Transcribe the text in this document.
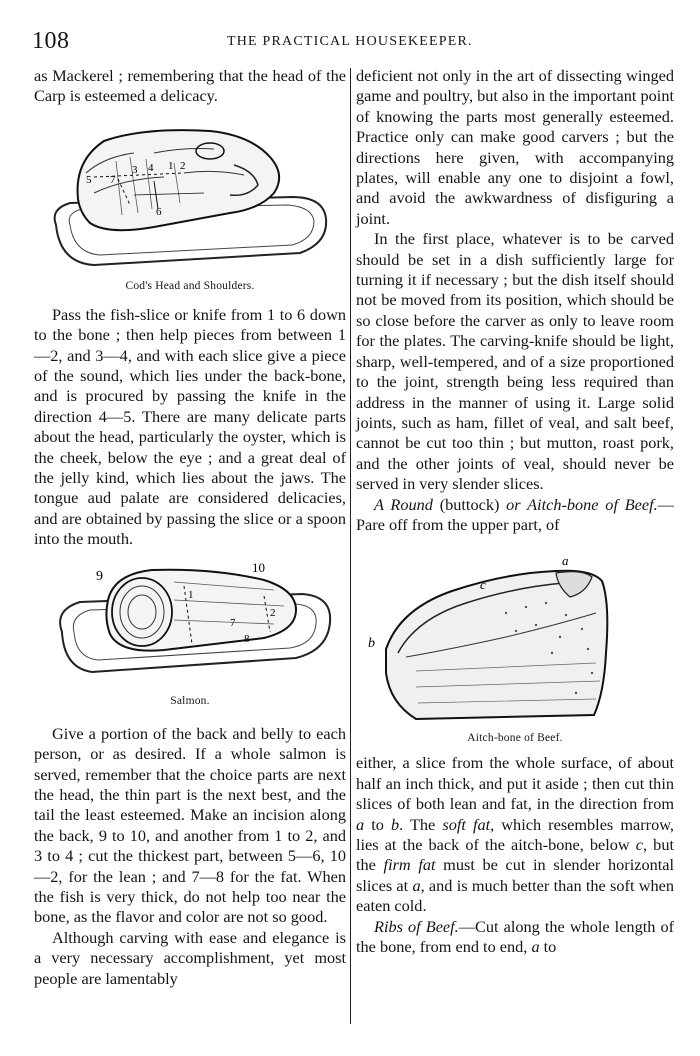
108	THE PRACTICAL HOUSEKEEPER.

as Mackerel ; remembering that the head of the Carp is esteemed a delicacy.

5 7
3 4 1 2
6
Cod's Head and Shoulders.

Pass the fish-slice or knife from 1 to 6 down to the bone ; then help pieces from between 1—2, and 3—4, and with each slice give a piece of the sound, which lies under the back-bone, and is procured by passing the knife in the direction 4—5. There are many delicate parts about the head, particularly the oyster, which is the cheek, below the eye ; and a great deal of the jelly kind, which lies about the jaws. The tongue aud palate are considered delicacies, and are obtained by passing the slice or a spoon into the mouth.

9
10
1
2
7
8
Salmon.

Give a portion of the back and belly to each person, or as desired. If a whole salmon is served, remember that the choice parts are next the head, the thin part is the next best, and the tail the least esteemed. Make an incision along the back, 9 to 10, and another from 1 to 2, and 3 to 4 ; cut the thickest part, between 5—6, 10—2, for the lean ; and 7—8 for the fat. When the fish is very thick, do not help too near the bone, as the flavor and color are not so good.

Although carving with ease and elegance is a very necessary accomplishment, yet most people are lamentably

deficient not only in the art of dissecting winged game and poultry, but also in the important point of knowing the parts most generally esteemed. Practice only can make good carvers ; but the directions here given, with accompanying plates, will enable any one to disjoint a fowl, and avoid the awkwardness of disfiguring a joint.

In the first place, whatever is to be carved should be set in a dish sufficiently large for turning it if necessary ; but the dish itself should not be moved from its position, which should be so close before the carver as only to leave room for the plates. The carving-knife should be light, sharp, well-tempered, and of a size proportioned to the joint, strength being less required than address in the manner of using it. Large solid joints, such as ham, fillet of veal, and salt beef, cannot be cut too thin ; but mutton, roast pork, and the other joints of veal, should never be served in very slender slices.

A Round (buttock) or Aitch-bone of Beef.—Pare off from the upper part, of

a
c
b
Aitch-bone of Beef.

either, a slice from the whole surface, of about half an inch thick, and put it aside ; then cut thin slices of both lean and fat, in the direction from a to b. The soft fat, which resembles marrow, lies at the back of the aitch-bone, below c, but the firm fat must be cut in slender horizontal slices at a, and is much better than the soft when eaten cold.

Ribs of Beef.—Cut along the whole length of the bone, from end to end, a to
